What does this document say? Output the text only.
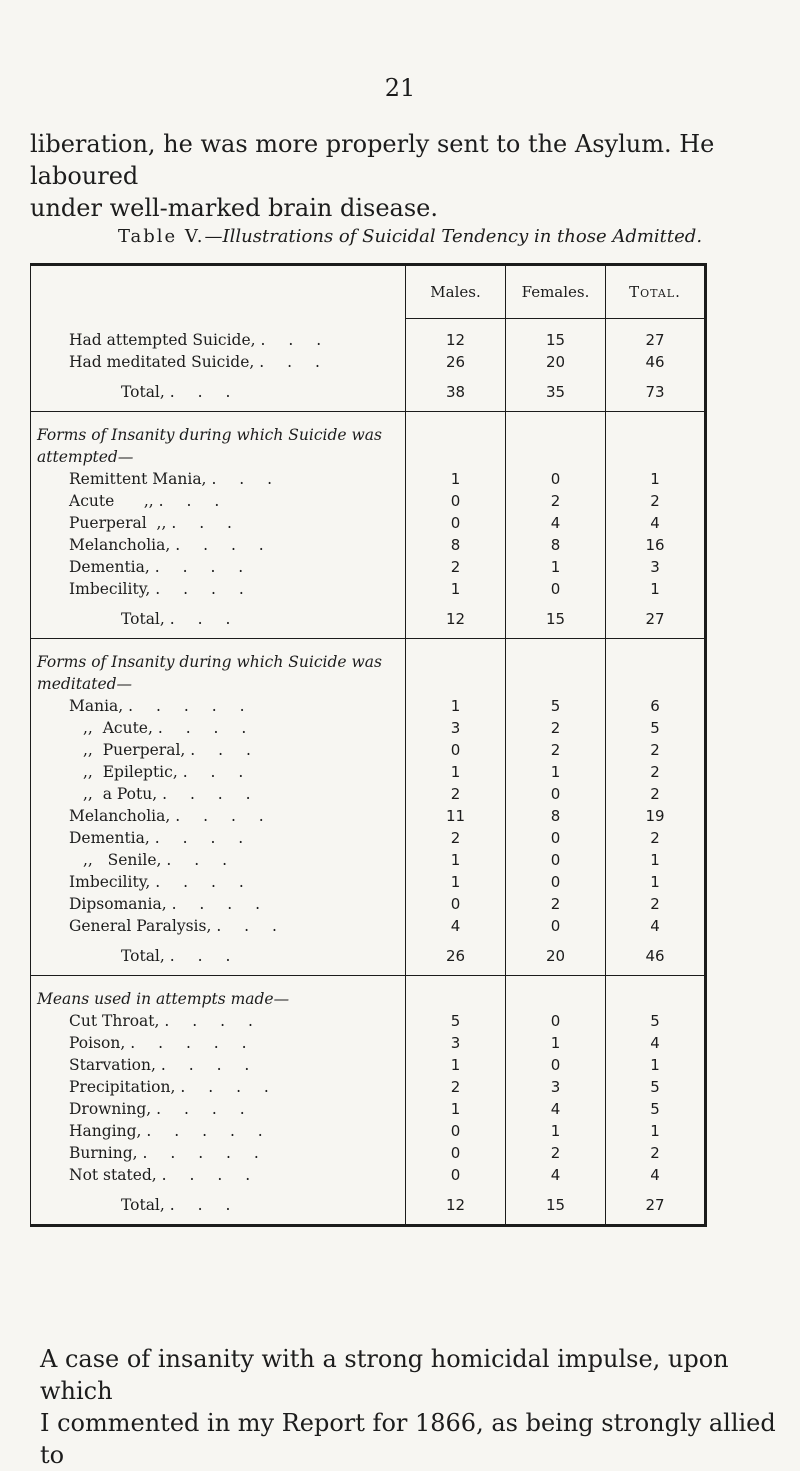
21
liberation, he was more properly sent to the Asylum. He laboured
under well-marked brain disease.
Table V.—Illustrations of Suicidal Tendency in those Admitted.
	Males.	Females.	Total.
Had attempted Suicide, . . .	12	15	27
Had meditated Suicide, . . .	26	20	46
Total, . . .	38	35	73
Forms of Insanity during which Suicide was attempted—			
Remittent Mania, . . .	1	0	1
Acute      ,, . . .	0	2	2
Puerperal  ,, . . .	0	4	4
Melancholia, . . . .	8	8	16
Dementia, . . . .	2	1	3
Imbecility, . . . .	1	0	1
Total, . . .	12	15	27
Forms of Insanity during which Suicide was meditated—			
Mania, . . . . .	1	5	6
,,  Acute, . . . .	3	2	5
,,  Puerperal, . . .	0	2	2
,,  Epileptic, . . .	1	1	2
,,  a Potu, . . . .	2	0	2
Melancholia, . . . .	11	8	19
Dementia, . . . .	2	0	2
,,   Senile, . . .	1	0	1
Imbecility, . . . .	1	0	1
Dipsomania, . . . .	0	2	2
General Paralysis, . . .	4	0	4
Total, . . .	26	20	46
Means used in attempts made—			
Cut Throat, . . . .	5	0	5
Poison, . . . . .	3	1	4
Starvation, . . . .	1	0	1
Precipitation, . . . .	2	3	5
Drowning, . . . .	1	4	5
Hanging, . . . . .	0	1	1
Burning, . . . . .	0	2	2
Not stated, . . . .	0	4	4
Total, . . .	12	15	27
A case of insanity with a strong homicidal impulse, upon which
I commented in my Report for 1866, as being strongly allied to
